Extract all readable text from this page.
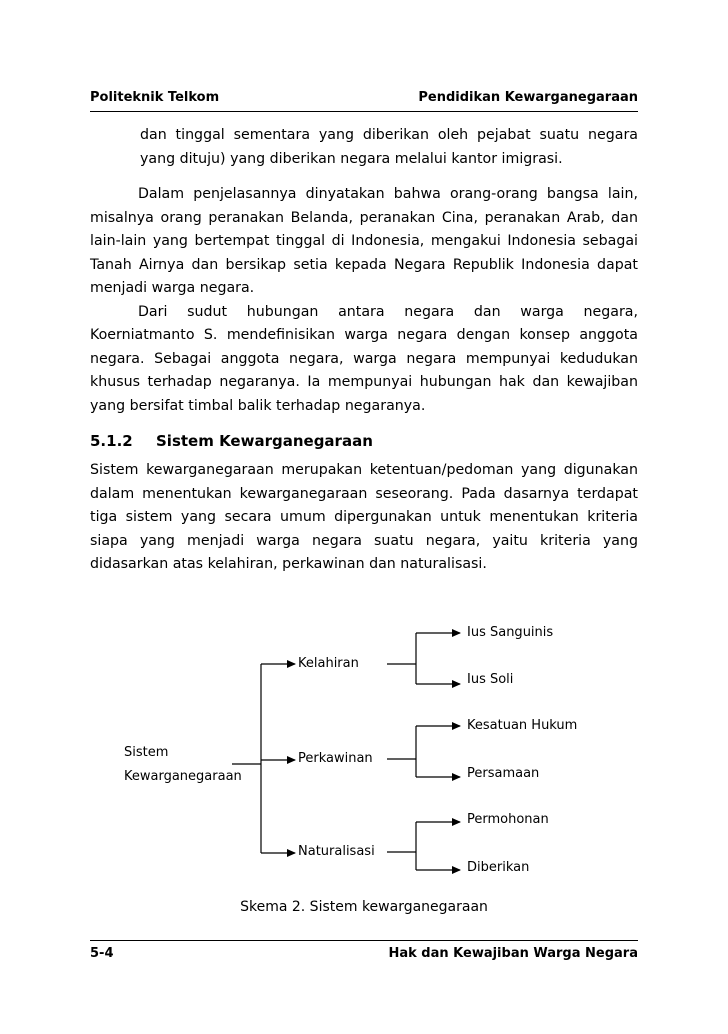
Politeknik Telkom	Pendidikan Kewarganegaraan

dan tinggal sementara yang diberikan oleh pejabat suatu negara yang dituju) yang diberikan negara melalui kantor imigrasi.

Dalam penjelasannya dinyatakan bahwa orang-orang bangsa lain, misalnya orang peranakan Belanda, peranakan Cina, peranakan Arab, dan lain-lain yang bertempat tinggal di Indonesia, mengakui Indonesia sebagai Tanah Airnya dan bersikap setia kepada Negara Republik Indonesia dapat menjadi warga negara.

Dari sudut hubungan antara negara dan warga negara, Koerniatmanto S. mendefinisikan warga negara dengan konsep anggota negara. Sebagai anggota negara, warga negara mempunyai kedudukan khusus terhadap negaranya. Ia mempunyai hubungan hak dan kewajiban yang bersifat timbal balik terhadap negaranya.

5.1.2 Sistem Kewarganegaraan

Sistem kewarganegaraan merupakan ketentuan/pedoman yang digunakan dalam menentukan kewarganegaraan seseorang. Pada dasarnya terdapat tiga sistem yang secara umum dipergunakan untuk menentukan kriteria siapa yang menjadi warga negara suatu negara, yaitu kriteria yang didasarkan atas kelahiran, perkawinan dan naturalisasi.

Sistem
Kewarganegaraan
Kelahiran
Perkawinan
Naturalisasi
Ius Sanguinis
Ius Soli
Kesatuan Hukum
Persamaan
Permohonan
Diberikan
Skema 2. Sistem kewarganegaraan
5-4	Hak dan Kewajiban Warga Negara
